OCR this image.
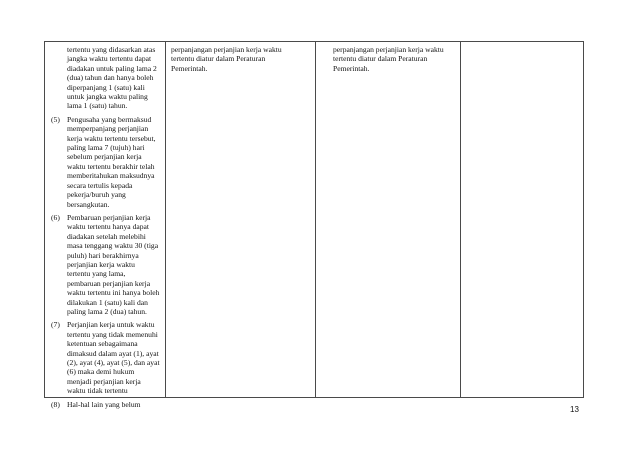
tertentu yang didasarkan atas
jangka waktu tertentu dapat
diadakan untuk paling lama 2
(dua) tahun dan hanya boleh
diperpanjang 1 (satu) kali
untuk jangka waktu paling
lama 1 (satu) tahun.
(5) Pengusaha yang bermaksud
memperpanjang perjanjian
kerja waktu tertentu tersebut,
paling lama 7 (tujuh) hari
sebelum perjanjian kerja
waktu tertentu berakhir telah
memberitahukan maksudnya
secara tertulis kepada
pekerja/buruh yang
bersangkutan.
(6) Pembaruan perjanjian kerja
waktu tertentu hanya dapat
diadakan setelah melebihi
masa tenggang waktu 30 (tiga
puluh) hari berakhirnya
perjanjian kerja waktu
tertentu yang lama,
pembaruan perjanjian kerja
waktu tertentu ini hanya boleh
dilakukan 1 (satu) kali dan
paling lama 2 (dua) tahun.
(7) Perjanjian kerja untuk waktu
tertentu yang tidak memenuhi
ketentuan sebagaimana
dimaksud dalam ayat (1), ayat
(2), ayat (4), ayat (5), dan ayat
(6) maka demi hukum
menjadi perjanjian kerja
waktu tidak tertentu
(8) Hal-hal lain yang belum
perpanjangan perjanjian kerja waktu
tertentu diatur dalam Peraturan
Pemerintah.
perpanjangan perjanjian kerja waktu
tertentu diatur dalam Peraturan
Pemerintah.
13
